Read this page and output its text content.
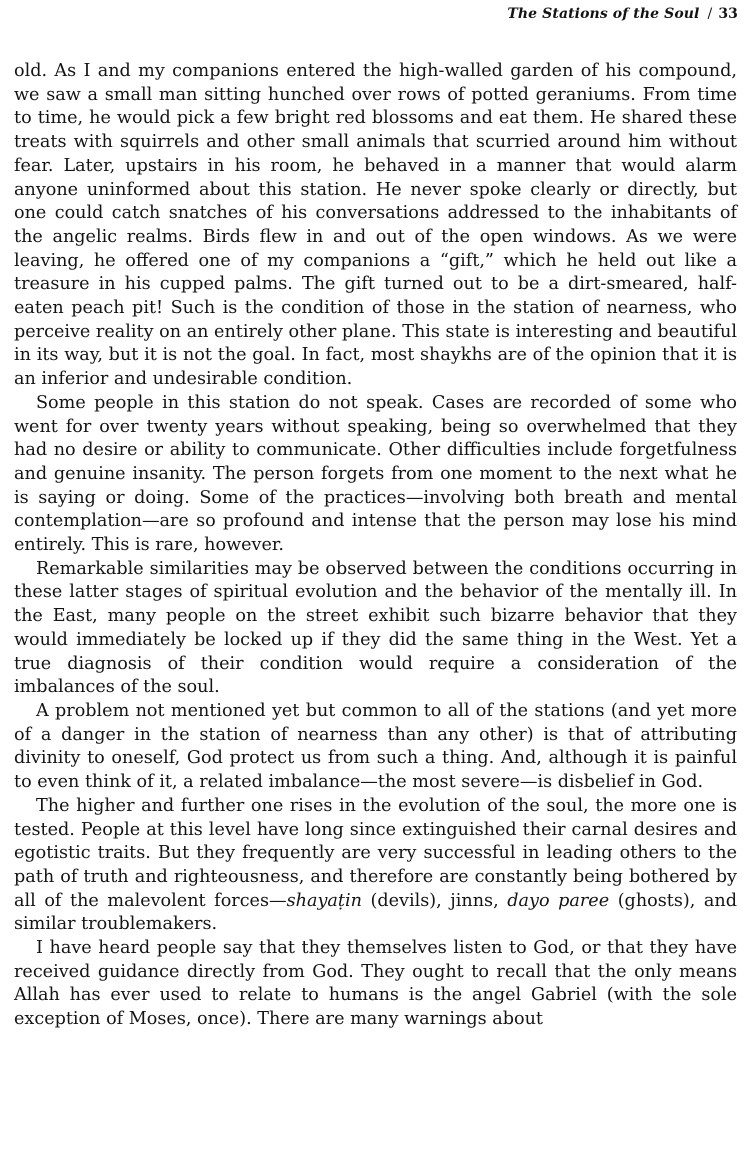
The Stations of the Soul / 33

old. As I and my companions entered the high-walled garden of his compound, we saw a small man sitting hunched over rows of potted geraniums. From time to time, he would pick a few bright red blossoms and eat them. He shared these treats with squirrels and other small animals that scurried around him without fear. Later, upstairs in his room, he behaved in a manner that would alarm anyone uninformed about this station. He never spoke clearly or directly, but one could catch snatches of his conversations addressed to the inhabitants of the angelic realms. Birds flew in and out of the open windows. As we were leaving, he offered one of my companions a “gift,” which he held out like a treasure in his cupped palms. The gift turned out to be a dirt-smeared, half-eaten peach pit! Such is the condition of those in the station of nearness, who perceive reality on an entirely other plane. This state is interesting and beautiful in its way, but it is not the goal. In fact, most shaykhs are of the opinion that it is an inferior and undesirable condition.

Some people in this station do not speak. Cases are recorded of some who went for over twenty years without speaking, being so overwhelmed that they had no desire or ability to communicate. Other difficulties include forgetfulness and genuine insanity. The person forgets from one moment to the next what he is saying or doing. Some of the practices—involving both breath and mental contemplation—are so profound and intense that the person may lose his mind entirely. This is rare, however.

Remarkable similarities may be observed between the conditions occurring in these latter stages of spiritual evolution and the behavior of the mentally ill. In the East, many people on the street exhibit such bizarre behavior that they would immediately be locked up if they did the same thing in the West. Yet a true diagnosis of their condition would require a consideration of the imbalances of the soul.

A problem not mentioned yet but common to all of the stations (and yet more of a danger in the station of nearness than any other) is that of attributing divinity to oneself, God protect us from such a thing. And, although it is painful to even think of it, a related imbalance—the most severe—is disbelief in God.

The higher and further one rises in the evolution of the soul, the more one is tested. People at this level have long since extinguished their carnal desires and egotistic traits. But they frequently are very successful in leading others to the path of truth and righteousness, and therefore are constantly being bothered by all of the malevolent forces—shayaṭin (devils), jinns, dayo paree (ghosts), and similar troublemakers.

I have heard people say that they themselves listen to God, or that they have received guidance directly from God. They ought to recall that the only means Allah has ever used to relate to humans is the angel Gabriel (with the sole exception of Moses, once). There are many warnings about
